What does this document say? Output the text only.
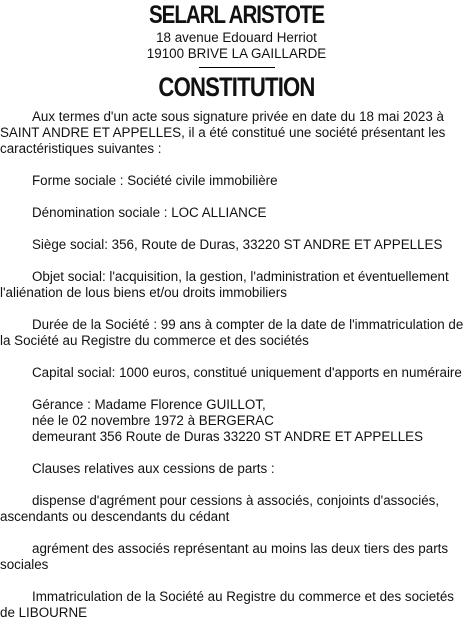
SELARL ARISTOTE
18 avenue Edouard Herriot
19100 BRIVE LA GAILLARDE
CONSTITUTION

Aux termes d'un acte sous signature privée en date du 18 mai 2023 à SAINT ANDRE ET APPELLES, il a été constitué une société présentant les caractéristiques suivantes :

Forme sociale : Société civile immobilière

Dénomination sociale : LOC ALLIANCE

Siège social: 356, Route de Duras, 33220 ST ANDRE ET APPELLES

Objet social: l'acquisition, la gestion, l'administration et éventuellement l'aliénation de lous biens et/ou droits immobiliers

Durée de la Société : 99 ans à compter de la date de l'immatriculation de la Société au Registre du commerce et des sociétés

Capital social: 1000 euros, constitué uniquement d'apports en numéraire

Gérance : Madame Florence GUILLOT,
née le 02 novembre 1972 à BERGERAC
demeurant 356 Route de Duras 33220 ST ANDRE ET APPELLES

Clauses relatives aux cessions de parts :

dispense d'agrément pour cessions à associés, conjoints d'associés, ascendants ou descendants du cédant

agrément des associés représentant au moins las deux tiers des parts sociales

Immatriculation de la Société au Registre du commerce et des societés de LIBOURNE
